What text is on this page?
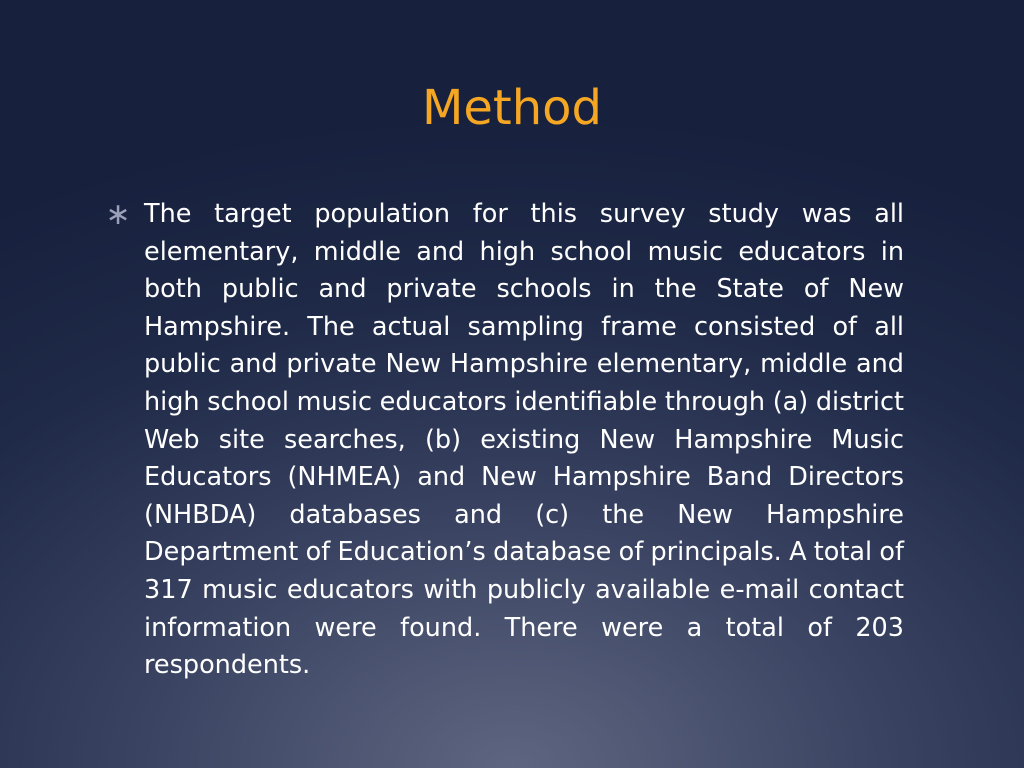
Method
∗ The target population for this survey study was all elementary, middle and high school music educators in both public and private schools in the State of New Hampshire. The actual sampling frame consisted of all public and private New Hampshire elementary, middle and high school music educators identifiable through (a) district Web site searches, (b) existing New Hampshire Music Educators (NHMEA) and New Hampshire Band Directors (NHBDA) databases and (c) the New Hampshire Department of Education’s database of principals. A total of 317 music educators with publicly available e-mail contact information were found. There were a total of 203 respondents.
